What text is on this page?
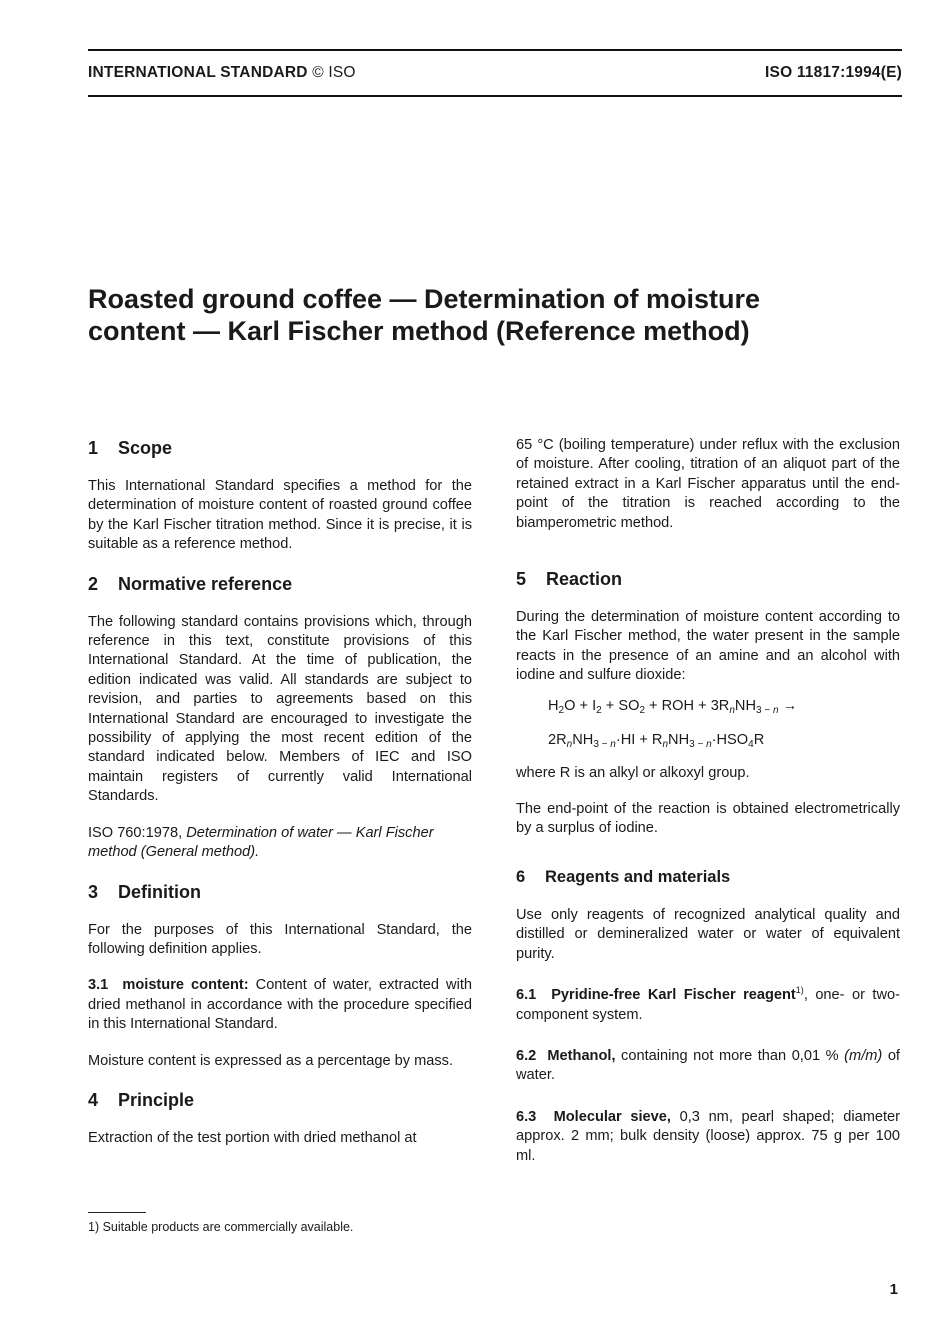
INTERNATIONAL STANDARD © ISO	ISO 11817:1994(E)
Roasted ground coffee — Determination of moisture
content — Karl Fischer method (Reference method)
1 Scope

This International Standard specifies a method for the determination of moisture content of roasted ground coffee by the Karl Fischer titration method. Since it is precise, it is suitable as a reference method.

2 Normative reference

The following standard contains provisions which, through reference in this text, constitute provisions of this International Standard. At the time of publication, the edition indicated was valid. All standards are subject to revision, and parties to agreements based on this International Standard are encouraged to investigate the possibility of applying the most recent edition of the standard indicated below. Members of IEC and ISO maintain registers of currently valid International Standards.

ISO 760:1978, Determination of water — Karl Fischer method (General method).

3 Definition

For the purposes of this International Standard, the following definition applies.

3.1 moisture content: Content of water, extracted with dried methanol in accordance with the procedure specified in this International Standard.

Moisture content is expressed as a percentage by mass.

4 Principle

Extraction of the test portion with dried methanol at

65 °C (boiling temperature) under reflux with the exclusion of moisture. After cooling, titration of an aliquot part of the retained extract in a Karl Fischer apparatus until the end-point of the titration is reached according to the biamperometric method.

5 Reaction

During the determination of moisture content according to the Karl Fischer method, the water present in the sample reacts in the presence of an amine and an alcohol with iodine and sulfure dioxide:

$H_2O + I_2 + SO_2$ + ROH + $3R_nNH_{3 - n}$ →
$2R_nNH_{3 - n}\cdot HI + R_nNH_{3 - n}\cdot HSO_4R$

where R is an alkyl or alkoxyl group.

The end-point of the reaction is obtained electrometrically by a surplus of iodine.

6 Reagents and materials

Use only reagents of recognized analytical quality and distilled or demineralized water or water of equivalent purity.

6.1 Pyridine-free Karl Fischer reagent$^{1)}$, one- or two-component system.

6.2 Methanol, containing not more than 0,01 % (m/m) of water.

6.3 Molecular sieve, 0,3 nm, pearl shaped; diameter approx. 2 mm; bulk density (loose) approx. 75 g per 100 ml.

1) Suitable products are commercially available.
1
